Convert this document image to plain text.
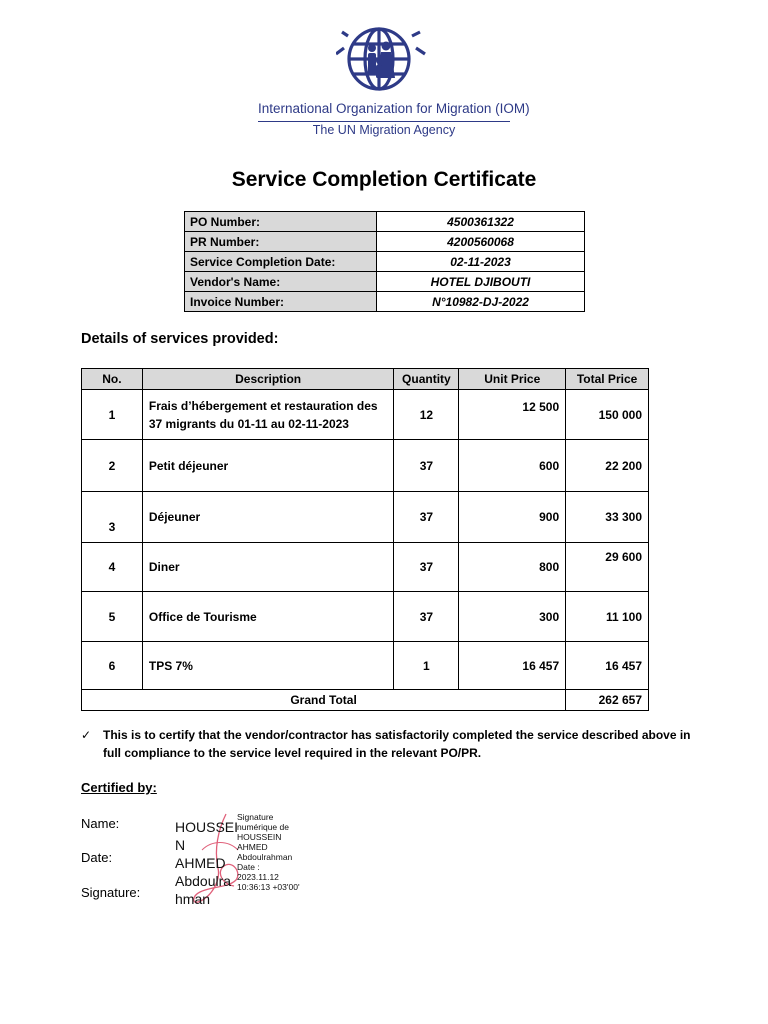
International Organization for Migration (IOM)
The UN Migration Agency
Service Completion Certificate
PO Number:	4500361322
PR Number:	4200560068
Service Completion Date:	02-11-2023
Vendor's Name:	HOTEL DJIBOUTI
Invoice Number:	N°10982-DJ-2022
Details of services provided:
No.	Description	Quantity	Unit Price	Total Price
1	Frais d’hébergement et restauration des 37 migrants du 01-11 au 02-11-2023	12	12 500	150 000
2	Petit déjeuner	37	600	22 200
3	Déjeuner	37	900	33 300
4	Diner	37	800	29 600
5	Office de Tourisme	37	300	11 100
6	TPS 7%	1	16 457	16 457
Grand Total				262 657
✓ This is to certify that the vendor/contractor has satisfactorily completed the service described above in full compliance to the service level required in the relevant PO/PR.
Certified by:
Name:
Date:
Signature:
HOUSSEI
N AHMED
Abdoulra
hman
Signature
numérique de
HOUSSEIN
AHMED
Abdoulrahman
Date :
2023.11.12
10:36:13 +03'00'
